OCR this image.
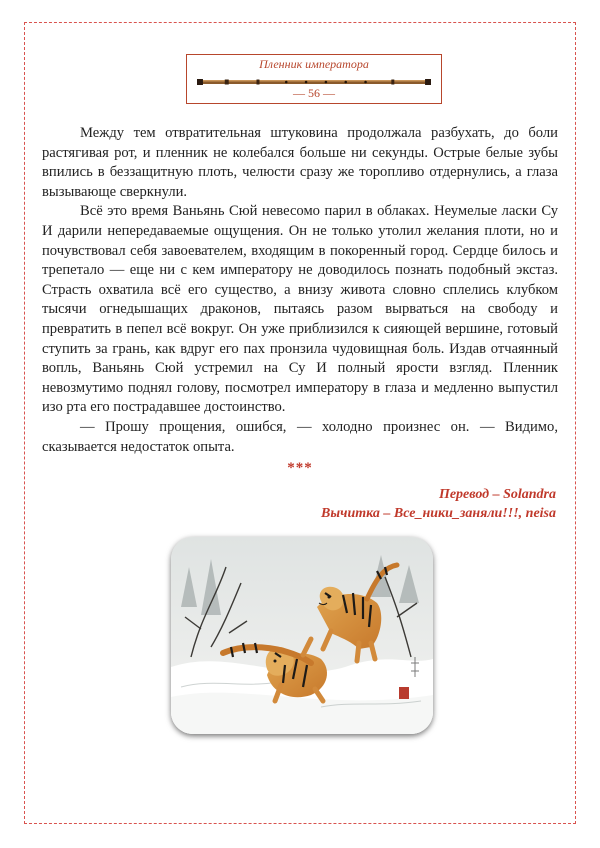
Пленник императора
— 56 —

Между тем отвратительная штуковина продолжала разбухать, до боли растягивая рот, и пленник не колебался больше ни секунды. Острые белые зубы впились в беззащитную плоть, челюсти сразу же торопливо отдернулись, а глаза вызывающе сверкнули.

Всё это время Ваньянь Сюй невесомо парил в облаках. Неумелые ласки Су И дарили непередаваемые ощущения. Он не только утолил желания плоти, но и почувствовал себя завоевателем, входящим в покоренный город. Сердце билось и трепетало — еще ни с кем императору не доводилось познать подобный экстаз. Страсть охватила всё его существо, а внизу живота словно сплелись клубком тысячи огнедышащих драконов, пытаясь разом вырваться на свободу и превратить в пепел всё вокруг. Он уже приблизился к сияющей вершине, готовый ступить за грань, как вдруг его пах пронзила чудовищная боль. Издав отчаянный вопль, Ваньянь Сюй устремил на Су И полный ярости взгляд. Пленник невозмутимо поднял голову, посмотрел императору в глаза и медленно выпустил изо рта его пострадавшее достоинство.

— Прошу прощения, ошибся, — холодно произнес он. — Видимо, сказывается недостаток опыта.

***
Перевод – Solandra
Вычитка – Все_ники_заняли!!!, neisa
